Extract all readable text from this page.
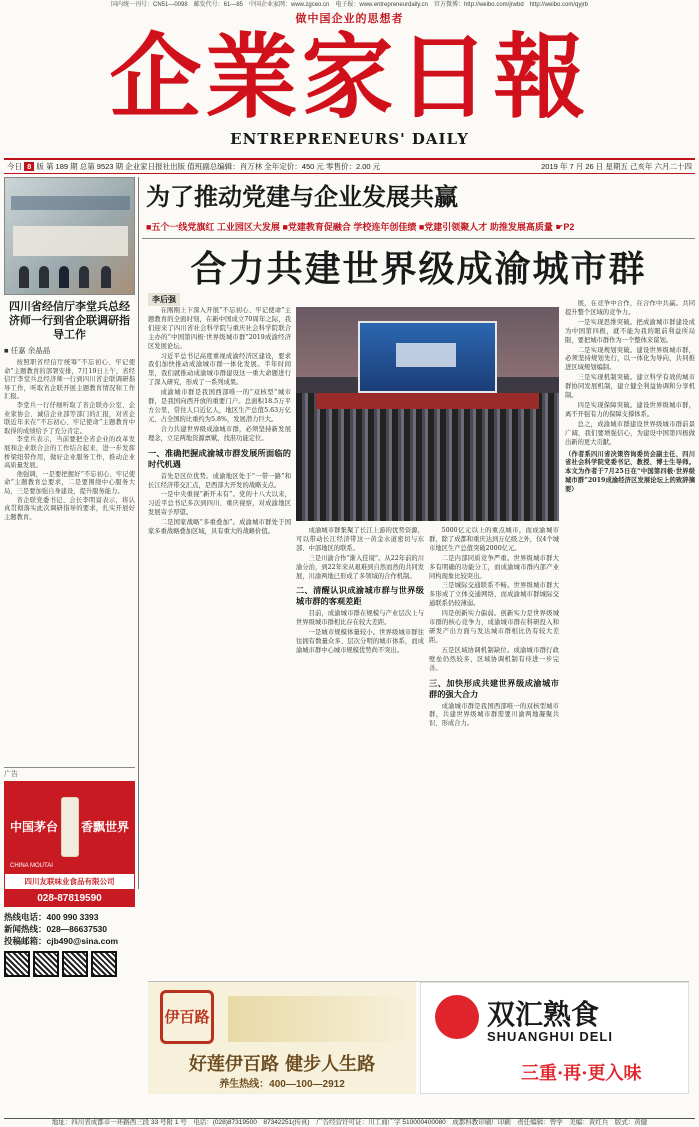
国内统一刊号：CN51—0098　邮发代号：61—85　中国企业家网：www.zgceo.cn　电子报：www.entrepreneurdaily.cn　官方微博：http://weibo.com/jrwbd　http://weibo.com/qyjrb
做中国企业的思想者
企業家日報
ENTREPRENEURS' DAILY
今日 8 版 第 189 期 总第 9523 期 企业家日报社出版 值班副总编辑：肖万林 全年定价：450 元 零售价：2.00 元	2019 年 7 月 26 日 星期五 己亥年 六月二十四
四川省经信厅李堂兵总经济师一行到省企联调研指导工作
■ 任嘉 余晶晶

按照职省经信厅统筹“不忘初心、牢记使命”主题教育的部署安排，7月19日上午，省经信厅李堂兵总经济师一行到四川省企联调研指导工作，听取省企联开展主题教育情况和工作汇报。

李堂兵一行仔细听取了省企联办公室、企业家协会、诚信企业部等部门的汇报，对省企联近年来在“不忘初心、牢记使命”主题教育中取得的成绩给予了充分肯定。

李堂兵表示，当前要把全省企业的改革发展和企业联合会的工作结合起来，进一步发挥桥梁纽带作用，做好企业服务工作，推动企业高质量发展。

他强调，一是要把握好“不忘初心、牢记使命”主题教育总要求，二是要围绕中心服务大局，三是要加强自身建设，提升服务能力。

省企联党委书记、会长李明富表示，将认真贯彻落实此次调研指导的要求，扎实开展好主题教育。

广告
中国茅台 香飘世界
CHINA MOUTAI
四川友联味业食品有限公司
028-87819590
热线电话：400 990 3393
新闻热线：028—86637530
投稿邮箱：cjb490@sina.com
为了推动党建与企业发展共赢
■五个一线党旗红 工业园区大发展 ■党建教育促融合 学校连年创佳绩 ■党建引领聚人才 助推发展高质量 ☛P2
合力共建世界级成渝城市群
李后强

在刚刚上下深入开展“不忘初心、牢记使命”主题教育的全面时刻，在新中国成立70周年之际，我们迎来了四川省社会科学院与重庆社会科学院联合主办的“中国第四极·世界级城市群”2019成渝经济区发展论坛。

习近平总书记高度重视成渝经济区建设，要求我们加快推动成渝城市群一体化发展。半年时间里，我们就推动成渝城市群建设这一重大命题进行了深入研究，形成了一系列成果。

成渝城市群是我国西部唯一的“双核型”城市群，是我国向西开放的重要门户。总面积18.5万平方公里，常住人口近亿人，地区生产总值5.63万亿元，占全国的比重约为5.8%，发展潜力巨大。

合力共建世界级成渝城市群，必须坚持新发展理念，立足两地资源禀赋，找准功能定位。

一、准确把握成渝城市群发展所面临的时代机遇

首先是区位优势。成渝地区处于“一带一路”和长江经济带交汇点，是西部大开发的战略支点。

一是中央重视“新开未有”。党的十八大以来，习近平总书记多次到四川、重庆视察，对成渝地区发展寄予厚望。

二是国家战略“多重叠加”。成渝城市群处于国家多重战略叠加区域，具有重大的战略价值。	成渝城市群集聚了长江上游的优势资源，可以带动长江经济带这一黄金水道密切与东部、中部地区的联系。

三是川渝合作“渐入佳境”。从22年前的川渝分治，到22年来从艰难到自然而然的共同发展，川渝两地已形成了多领域的合作机制。

二、清醒认识成渝城市群与世界级城市群的客观差距

目前，成渝城市群在规模与产业层次上与世界级城市群相比存在较大差距。

一是城市规模体量较小。世界级城市群往往拥有数量众多、层次分明的城市体系，而成渝城市群中心城市规模优势尚不突出。

5000亿元以上的重点城市，而成渝城市群，除了成都和重庆达到万亿级之外，仅4个城市地区生产总值突破2000亿元。

二是内部同质竞争严重。世界级城市群大多有明确的功能分工，而成渝城市群内部产业同构现象比较突出。

三是城际交通联系不畅。世界级城市群大多形成了立体交通网络，而成渝城市群城际交通联系仍较薄弱。

四是创新实力偏弱。创新实力是世界级城市群的核心竞争力，成渝城市群在科研投入和研发产出方面与发达城市群相比仍有较大差距。

五是区域协调机制缺位。成渝城市群行政壁垒仍然较多，区域协调机制有待进一步完善。

三、加快形成共建世界级成渝城市群的强大合力

成渝城市群是我国西部唯一的双核型城市群，共建世界级城市群需要川渝两地凝聚共识、形成合力。

展，在竞争中合作，在合作中共赢。共同提升整个区域的竞争力。

一是实现思维突破。把成渝城市群建设成为中国第四极，就不能为我的眼前利益所局限，要把城市群作为一个整体来谋划。

二是实现规划突破。建设世界级城市群，必须坚持规划先行，以一体化为导向，共同推进区域规划编制。

三是实现机制突破。建立科学有效的城市群协同发展机制，建立健全利益协调和分享机制。

四是实现保障突破。建设世界级城市群，离不开强有力的保障支撑体系。

总之，成渝城市群建设世界级城市群前景广阔，我们要增强信心，为建设中国第四极做出新的更大贡献。

（作者系四川省决策咨询委员会副主任、四川省社会科学院党委书记、教授、博士生导师。本文为作者于7月25日在“中国第四极·世界级城市群”2019成渝经济区发展论坛上的致辞摘要）

伊百路
好莲伊百路 健步人生路
养生热线：400—100—2912
双汇熟食
SHUANGHUI DELI
三重·再·更入味
地址：四川省成都市一环路西三段 33 号附 1 号　电话：(028)87319500　87342251(传真)　广告经营许可证：川工商广字 510000400080　成都科教印刷厂印刷　责任编辑：曾学　美编：黄红兵　版式：黄健
